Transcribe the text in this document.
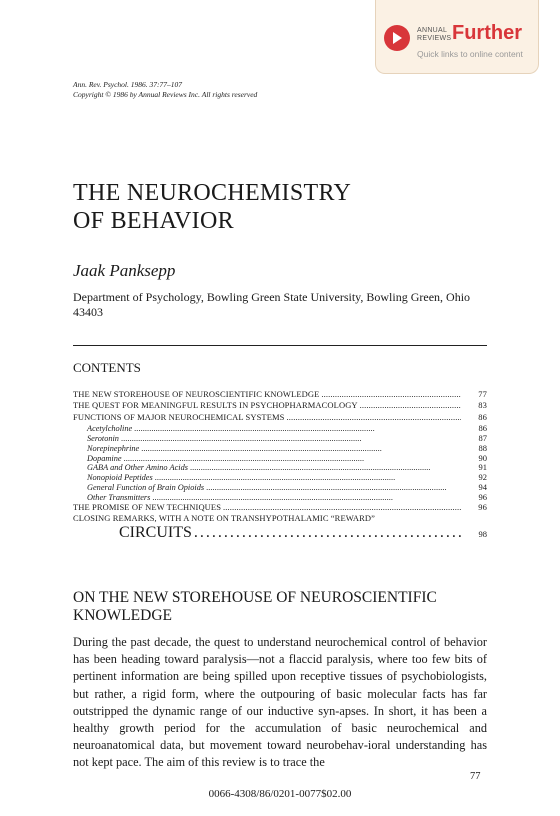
ANNUAL
REVIEWS Further
Quick links to online content
Ann. Rev. Psychol. 1986. 37:77–107
Copyright © 1986 by Annual Reviews Inc. All rights reserved
THE NEUROCHEMISTRY
OF BEHAVIOR
Jaak Panksepp
Department of Psychology, Bowling Green State University, Bowling Green, Ohio 43403
CONTENTS
THE NEW STOREHOUSE OF NEUROSCIENTIFIC KNOWLEDGE . . .	77
THE QUEST FOR MEANINGFUL RESULTS IN PSYCHOPHARMACOLOGY . . .	83
FUNCTIONS OF MAJOR NEUROCHEMICAL SYSTEMS . . .	86
Acetylcholine . . .	86
Serotonin . . .	87
Norepinephrine . . .	88
Dopamine . . .	90
GABA and Other Amino Acids . . .	91
Nonopioid Peptides . . .	92
General Function of Brain Opioids . . .	94
Other Transmitters . . .	96
THE PROMISE OF NEW TECHNIQUES . . .	96
CLOSING REMARKS, WITH A NOTE ON TRANSHYPOTHALAMIC “REWARD”
CIRCUITS . . .	98
ON THE NEW STOREHOUSE OF NEUROSCIENTIFIC KNOWLEDGE

During the past decade, the quest to understand neurochemical control of behavior has been heading toward paralysis—not a flaccid paralysis, where too few bits of pertinent information are being spilled upon receptive tissues of psychobiologists, but rather, a rigid form, where the outpouring of basic molecular facts has far outstripped the dynamic range of our inductive syn-apses. In short, it has been a healthy growth period for the accumulation of basic neurochemical and neuroanatomical data, but movement toward neurobehav-ioral understanding has not kept pace. The aim of this review is to trace the

77
0066-4308/86/0201-0077$02.00
